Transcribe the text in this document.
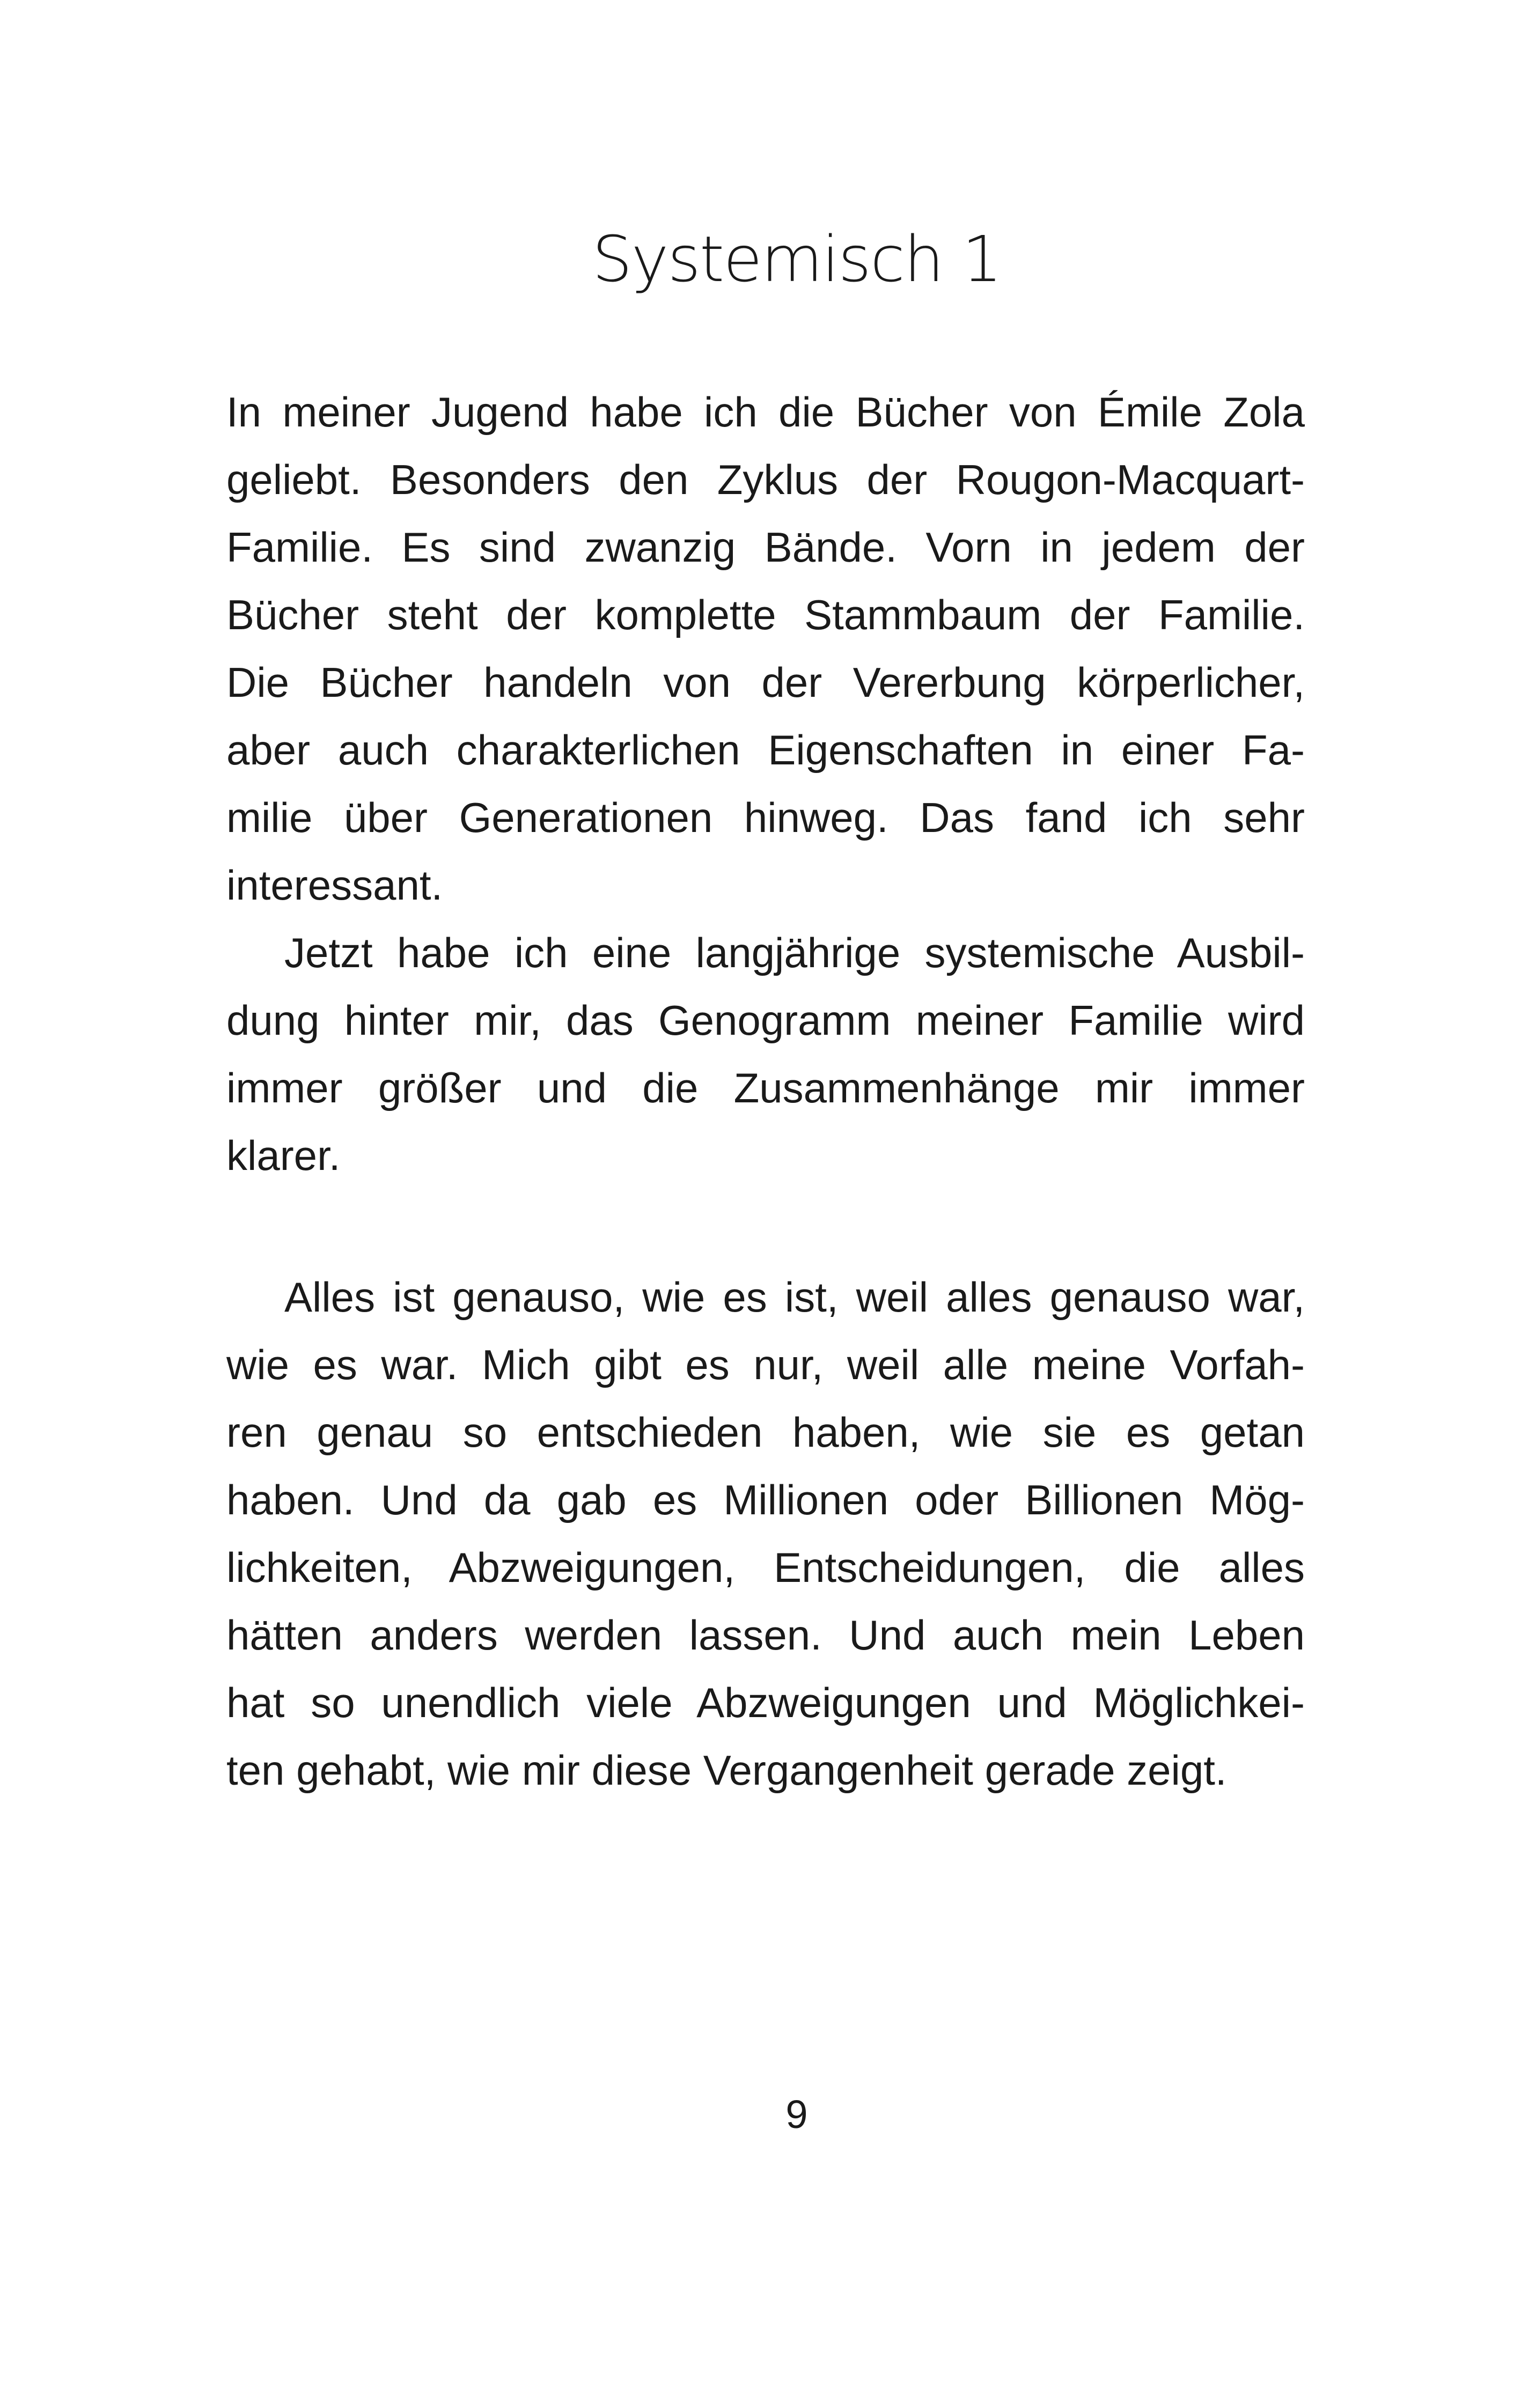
Systemisch 1

In meiner Jugend habe ich die Bücher von Émile Zola
geliebt. Besonders den Zyklus der Rougon-Macquart-
Familie. Es sind zwanzig Bände. Vorn in jedem der
Bücher steht der komplette Stammbaum der Familie.
Die Bücher handeln von der Vererbung körperlicher,
aber auch charakterlichen Eigenschaften in einer Fa-
milie über Generationen hinweg. Das fand ich sehr
interessant.

Jetzt habe ich eine langjährige systemische Ausbil-
dung hinter mir, das Genogramm meiner Familie wird
immer größer und die Zusammenhänge mir immer
klarer.

Alles ist genauso, wie es ist, weil alles genauso war,
wie es war. Mich gibt es nur, weil alle meine Vorfah-
ren genau so entschieden haben, wie sie es getan
haben. Und da gab es Millionen oder Billionen Mög-
lichkeiten, Abzweigungen, Entscheidungen, die alles
hätten anders werden lassen. Und auch mein Leben
hat so unendlich viele Abzweigungen und Möglichkei-
ten gehabt, wie mir diese Vergangenheit gerade zeigt.

9
